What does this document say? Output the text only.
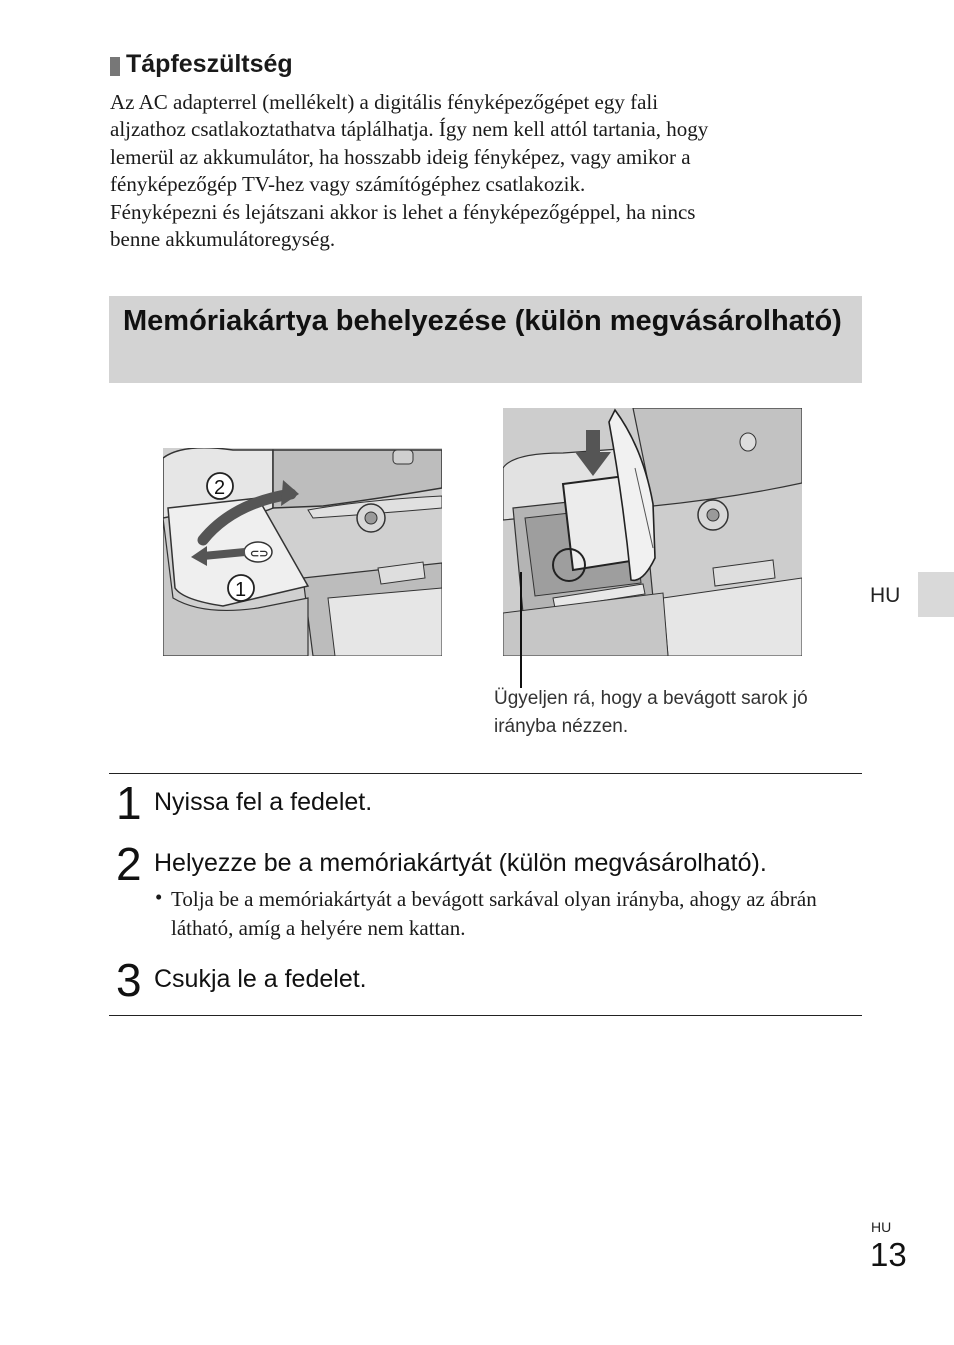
Tápfeszültség

Az AC adapterrel (mellékelt) a digitális fényképezőgépet egy fali

aljzathoz csatlakoztathatva táplálhatja. Így nem kell attól tartania, hogy

lemerül az akkumulátor, ha hosszabb ideig fényképez, vagy amikor a

fényképezőgép TV-hez vagy számítógéphez csatlakozik.

Fényképezni és lejátszani akkor is lehet a fényképezőgéppel, ha nincs

benne akkumulátoregység.

Memóriakártya behelyezése (külön megvásárolható)
⊂⊃
2
1
Ügyeljen rá, hogy a bevágott sarok jó irányba nézzen.
HU
1 Nyissa fel a fedelet.
2 Helyezze be a memóriakártyát (külön megvásárolható).
• Tolja be a memóriakártyát a bevágott sarkával olyan irányba, ahogy az ábrán látható, amíg a helyére nem kattan.
3 Csukja le a fedelet.
HU
13
